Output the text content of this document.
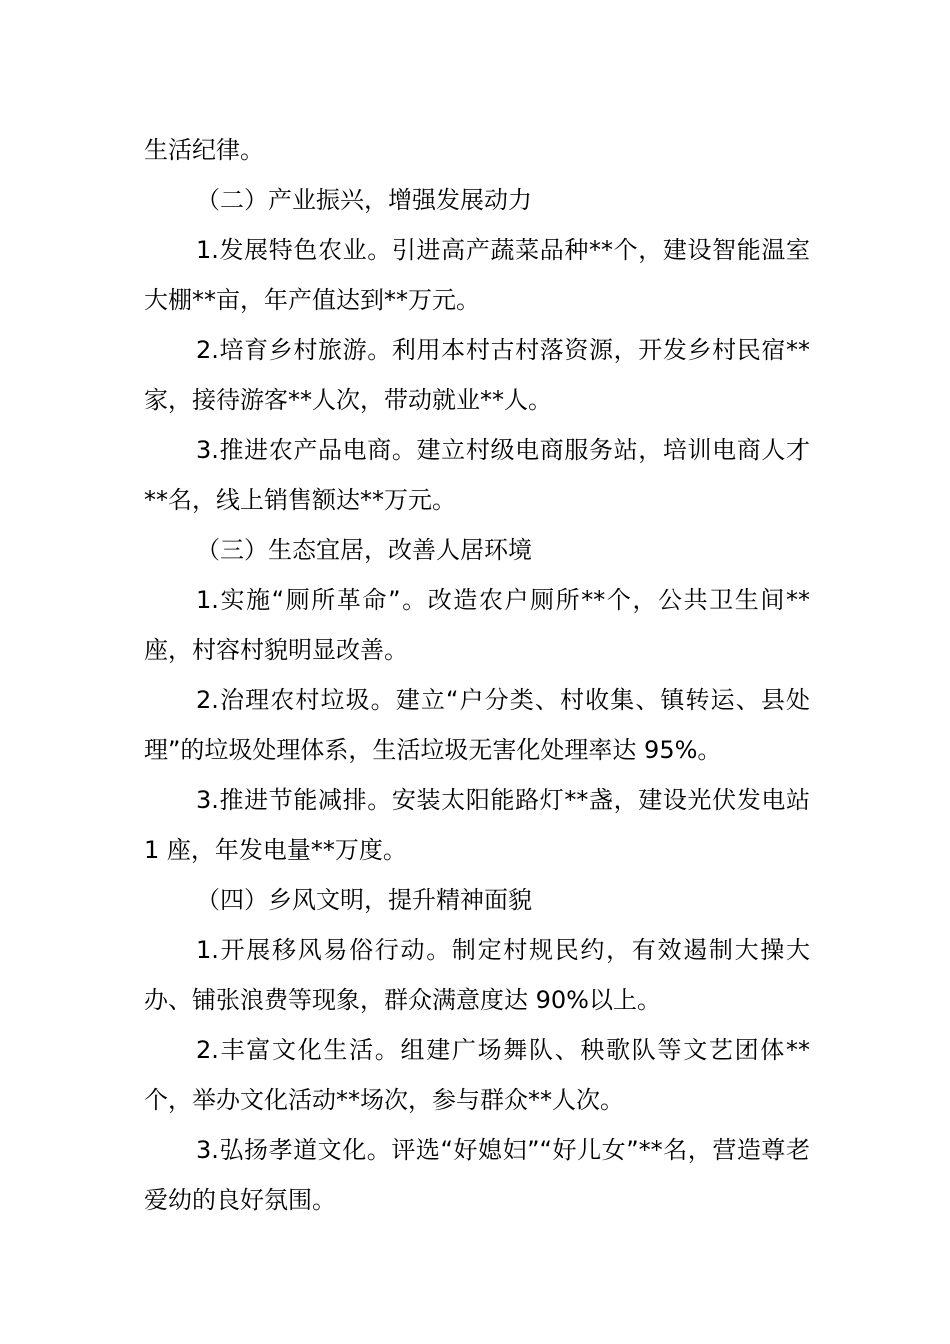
生活纪律。

（二）产业振兴，增强发展动力

1.发展特色农业。引进高产蔬菜品种**个，建设智能温室大棚**亩，年产值达到**万元。

2.培育乡村旅游。利用本村古村落资源，开发乡村民宿**家，接待游客**人次，带动就业**人。

3.推进农产品电商。建立村级电商服务站，培训电商人才**名，线上销售额达**万元。

（三）生态宜居，改善人居环境

1.实施“厕所革命”。改造农户厕所**个，公共卫生间**座，村容村貌明显改善。

2.治理农村垃圾。建立“户分类、村收集、镇转运、县处理”的垃圾处理体系，生活垃圾无害化处理率达 95%。

3.推进节能减排。安装太阳能路灯**盏，建设光伏发电站 1 座，年发电量**万度。

（四）乡风文明，提升精神面貌

1.开展移风易俗行动。制定村规民约，有效遏制大操大办、铺张浪费等现象，群众满意度达 90%以上。

2.丰富文化生活。组建广场舞队、秧歌队等文艺团体**个，举办文化活动**场次，参与群众**人次。

3.弘扬孝道文化。评选“好媳妇”“好儿女”**名，营造尊老爱幼的良好氛围。
